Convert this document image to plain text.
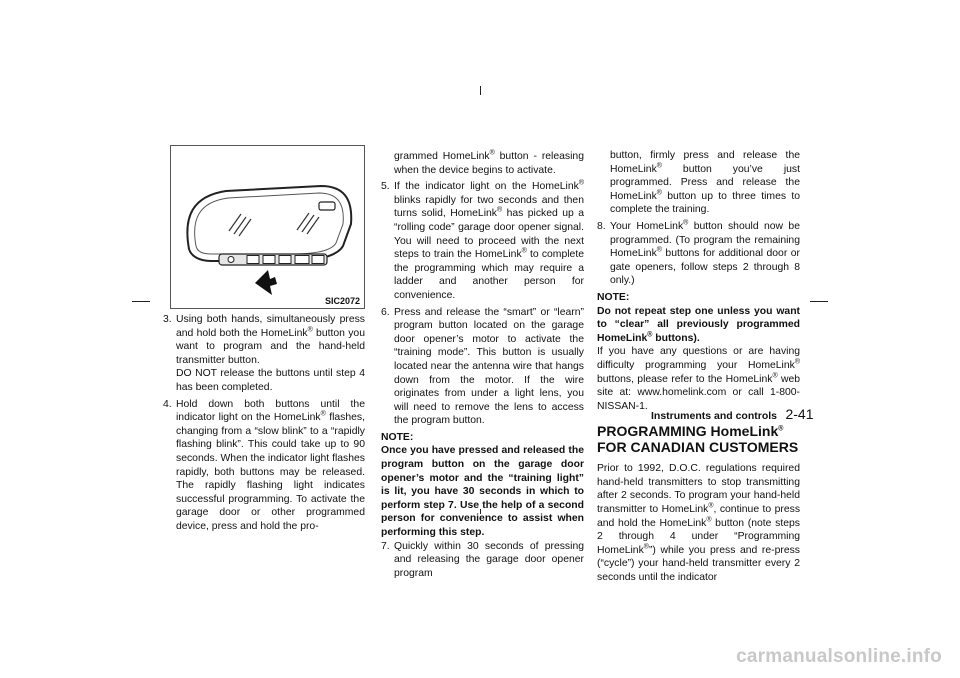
SIC2072
3. Using both hands, simultaneously press and hold both the HomeLink® button you want to program and the hand-held transmitter button.

DO NOT release the buttons until step 4 has been completed.

4. Hold down both buttons until the indicator light on the HomeLink® flashes, changing from a “slow blink” to a “rapidly flashing blink”. This could take up to 90 seconds. When the indicator light flashes rapidly, both buttons may be released. The rapidly flashing light indicates successful programming. To activate the garage door or other programmed device, press and hold the pro-

grammed HomeLink® button - releasing when the device begins to activate.

5. If the indicator light on the HomeLink® blinks rapidly for two seconds and then turns solid, HomeLink® has picked up a “rolling code” garage door opener signal. You will need to proceed with the next steps to train the HomeLink® to complete the programming which may require a ladder and another person for convenience.

6. Press and release the “smart” or “learn” program button located on the garage door opener’s motor to activate the “training mode”. This button is usually located near the antenna wire that hangs down from the motor. If the wire originates from under a light lens, you will need to remove the lens to access the program button.

NOTE:

Once you have pressed and released the program button on the garage door opener’s motor and the “training light” is lit, you have 30 seconds in which to perform step 7. Use the help of a second person for convenience to assist when performing this step.

7. Quickly within 30 seconds of pressing and releasing the garage door opener program

button, firmly press and release the HomeLink® button you’ve just programmed. Press and release the HomeLink® button up to three times to complete the training.

8. Your HomeLink® button should now be programmed. (To program the remaining HomeLink® buttons for additional door or gate openers, follow steps 2 through 8 only.)

NOTE:

Do not repeat step one unless you want to “clear” all previously programmed HomeLink® buttons).

If you have any questions or are having difficulty programming your HomeLink® buttons, please refer to the HomeLink® web site at: www.homelink.com or call 1-800-NISSAN-1.

PROGRAMMING HomeLink® FOR CANADIAN CUSTOMERS

Prior to 1992, D.O.C. regulations required hand-held transmitters to stop transmitting after 2 seconds. To program your hand-held transmitter to HomeLink®, continue to press and hold the HomeLink® button (note steps 2 through 4 under “Programming HomeLink®”) while you press and re-press (“cycle”) your hand-held transmitter every 2 seconds until the indicator

Instruments and controls 2-41
carmanualsonline.info
